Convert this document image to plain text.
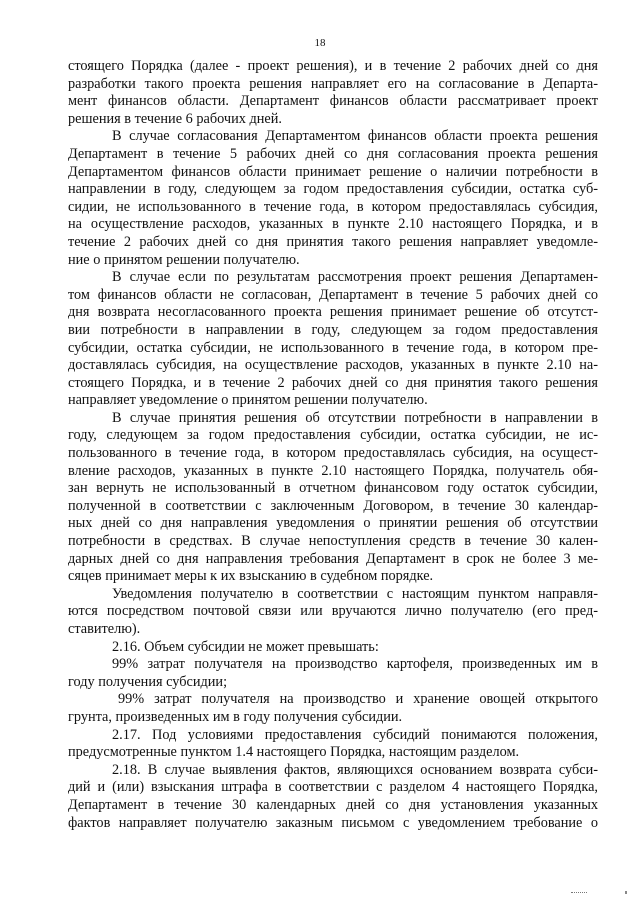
18
стоящего Порядка (далее - проект решения), и в течение 2 рабочих дней со дня
разработки такого проекта решения направляет его на согласование в Департа-
мент финансов области. Департамент финансов области рассматривает проект
решения в течение 6 рабочих дней.
В случае согласования Департаментом финансов области проекта решения
Департамент в течение 5 рабочих дней со дня согласования проекта решения
Департаментом финансов области принимает решение о наличии потребности в
направлении в году, следующем за годом предоставления субсидии, остатка суб-
сидии, не использованного в течение года, в котором предоставлялась субсидия,
на осуществление расходов, указанных в пункте 2.10 настоящего Порядка, и в
течение 2 рабочих дней со дня принятия такого решения направляет уведомле-
ние о принятом решении получателю.
В случае если по результатам рассмотрения проект решения Департамен-
том финансов области не согласован, Департамент в течение 5 рабочих дней со
дня возврата несогласованного проекта решения принимает решение об отсутст-
вии потребности в направлении в году, следующем за годом предоставления
субсидии, остатка субсидии, не использованного в течение года, в котором пре-
доставлялась субсидия, на осуществление расходов, указанных в пункте 2.10 на-
стоящего Порядка, и в течение 2 рабочих дней со дня принятия такого решения
направляет уведомление о принятом решении получателю.
В случае принятия решения об отсутствии потребности в направлении в
году, следующем за годом предоставления субсидии, остатка субсидии, не ис-
пользованного в течение года, в котором предоставлялась субсидия, на осущест-
вление расходов, указанных в пункте 2.10 настоящего Порядка, получатель обя-
зан вернуть не использованный в отчетном финансовом году остаток субсидии,
полученной в соответствии с заключенным Договором, в течение 30 календар-
ных дней со дня направления уведомления о принятии решения об отсутствии
потребности в средствах. В случае непоступления средств в течение 30 кален-
дарных дней со дня направления требования Департамент в срок не более 3 ме-
сяцев принимает меры к их взысканию в судебном порядке.
Уведомления получателю в соответствии с настоящим пунктом направля-
ются посредством почтовой связи или вручаются лично получателю (его пред-
ставителю).
2.16. Объем субсидии не может превышать:
99% затрат получателя на производство картофеля, произведенных им в
году получения субсидии;
99% затрат получателя на производство и хранение овощей открытого
грунта, произведенных им в году получения субсидии.
2.17. Под условиями предоставления субсидий понимаются положения,
предусмотренные пунктом 1.4 настоящего Порядка, настоящим разделом.
2.18. В случае выявления фактов, являющихся основанием возврата субси-
дий и (или) взыскания штрафа в соответствии с разделом 4 настоящего Порядка,
Департамент в течение 30 календарных дней со дня установления указанных
фактов направляет получателю заказным письмом с уведомлением требование о
